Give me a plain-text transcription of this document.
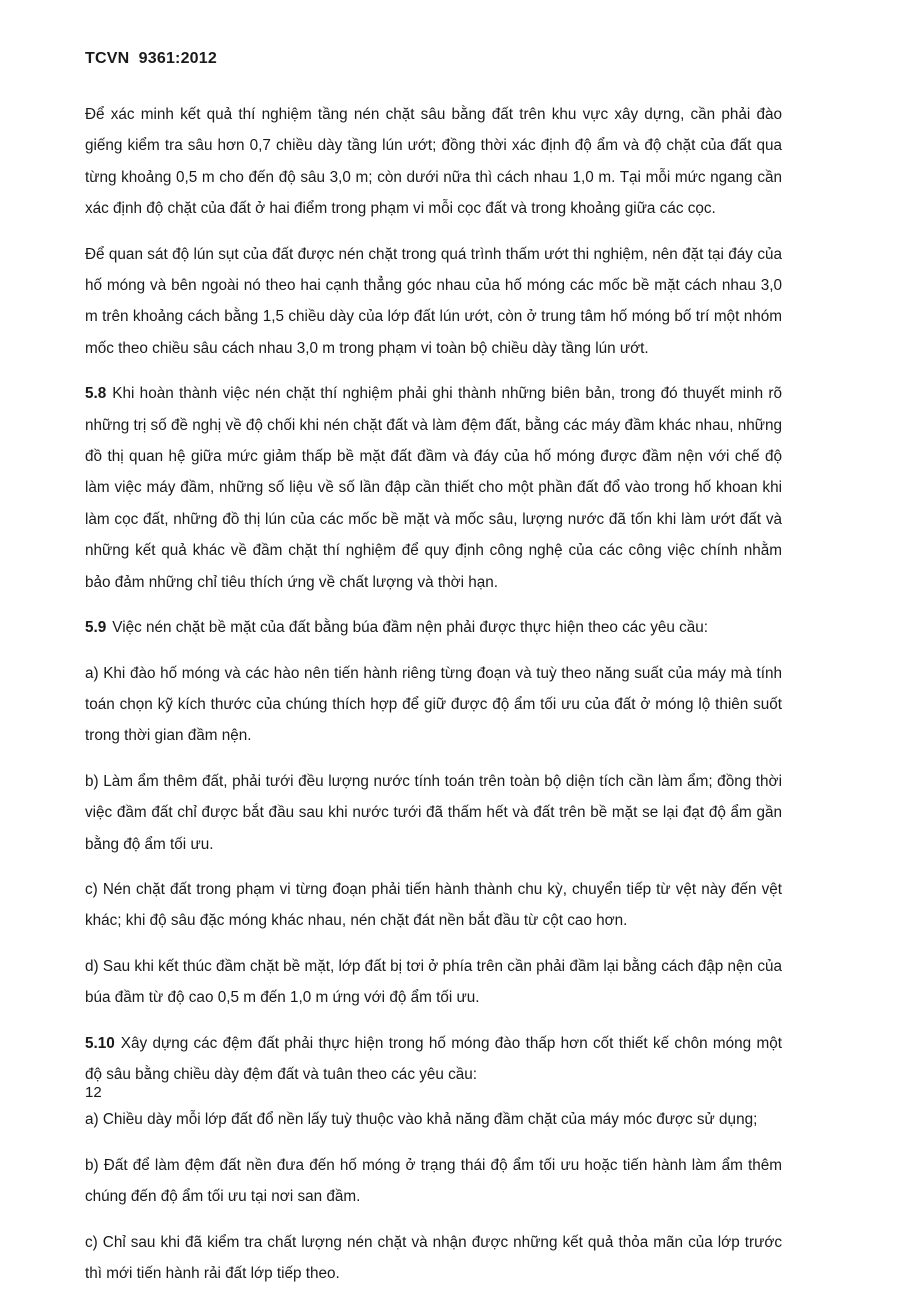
TCVN  9361:2012

Để xác minh kết quả thí nghiệm tầng nén chặt sâu bằng đất trên khu vực xây dựng, cần phải đào giếng kiểm tra sâu hơn 0,7 chiều dày tầng lún ướt; đồng thời xác định độ ẩm và độ chặt của đất qua từng khoảng 0,5 m cho đến độ sâu 3,0 m; còn dưới nữa thì cách nhau 1,0 m. Tại mỗi mức ngang cần xác định độ chặt của đất ở hai điểm trong phạm vi mỗi cọc đất và trong khoảng giữa các cọc.

Để quan sát độ lún sụt của đất được nén chặt trong quá trình thấm ướt thi nghiệm, nên đặt tại đáy của hố móng và bên ngoài nó theo hai cạnh thẳng góc nhau của hố móng các mốc bề mặt cách nhau 3,0 m trên khoảng cách bằng 1,5 chiều dày của lớp đất lún ướt, còn ở trung tâm hố móng bố trí một nhóm mốc theo chiều sâu cách nhau 3,0 m trong phạm vi toàn bộ chiều dày tầng lún ướt.

5.8 Khi hoàn thành việc nén chặt thí nghiệm phải ghi thành những biên bản, trong đó thuyết minh rõ những trị số đề nghị về độ chối khi nén chặt đất và làm đệm đất, bằng các máy đầm khác nhau, những đồ thị quan hệ giữa mức giảm thấp bề mặt đất đầm và đáy của hố móng được đầm nện với chế độ làm việc máy đầm, những số liệu về số lần đập cần thiết cho một phần đất đổ vào trong hố khoan khi làm cọc đất, những đồ thị lún của các mốc bề mặt và mốc sâu, lượng nước đã tốn khi làm ướt đất và những kết quả khác về đầm chặt thí nghiệm để quy định công nghệ của các công việc chính nhằm bảo đảm những chỉ tiêu thích ứng về chất lượng và thời hạn.

5.9 Việc nén chặt bề mặt của đất bằng búa đầm nện phải được thực hiện theo các yêu cầu:

a) Khi đào hố móng và các hào nên tiến hành riêng từng đoạn và tuỳ theo năng suất của máy mà tính toán chọn kỹ kích thước của chúng thích hợp để giữ được độ ẩm tối ưu của đất ở móng lộ thiên suốt trong thời gian đầm nện.

b) Làm ẩm thêm đất, phải tưới đều lượng nước tính toán trên toàn bộ diện tích cần làm ẩm; đồng thời việc đầm đất chỉ được bắt đầu sau khi nước tưới đã thấm hết và đất trên bề mặt se lại đạt độ ẩm gần bằng độ ẩm tối ưu.

c) Nén chặt đất trong phạm vi từng đoạn phải tiến hành thành chu kỳ, chuyển tiếp từ vệt này đến vệt khác; khi độ sâu đặc móng khác nhau, nén chặt đát nền bắt đầu từ cột cao hơn.

d) Sau khi kết thúc đầm chặt bề mặt, lớp đất bị tơi ở phía trên cần phải đầm lại bằng cách đập nện của búa đầm từ độ cao 0,5 m đến 1,0 m ứng với độ ẩm tối ưu.

5.10 Xây dựng các đệm đất phải thực hiện trong hố móng đào thấp hơn cốt thiết kế chôn móng một độ sâu bằng chiều dày đệm đất và tuân theo các yêu cầu:

a) Chiều dày mỗi lớp đất đổ nền lấy tuỳ thuộc vào khả năng đầm chặt của máy móc được sử dụng;

b) Đất để làm đệm đất nền đưa đến hố móng ở trạng thái độ ẩm tối ưu hoặc tiến hành làm ẩm thêm chúng đến độ ẩm tối ưu tại nơi san đầm.

c) Chỉ sau khi đã kiểm tra chất lượng nén chặt và nhận được những kết quả thỏa mãn của lớp trước thì mới tiến hành rải đất lớp tiếp theo.

12
